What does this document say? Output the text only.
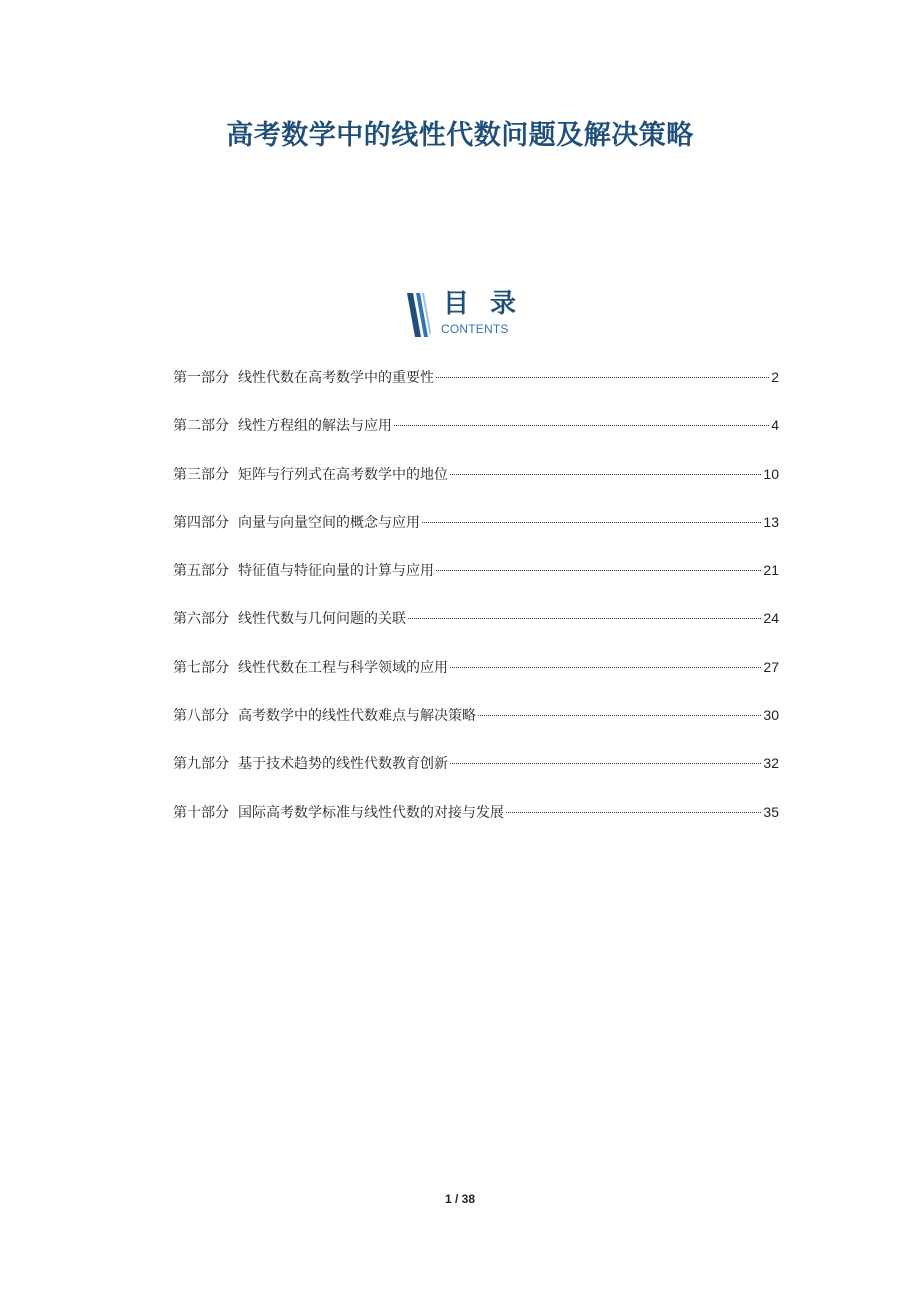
高考数学中的线性代数问题及解决策略
目 录
CONTENTS
第一部分 线性代数在高考数学中的重要性	2
第二部分 线性方程组的解法与应用	4
第三部分 矩阵与行列式在高考数学中的地位	10
第四部分 向量与向量空间的概念与应用	13
第五部分 特征值与特征向量的计算与应用	21
第六部分 线性代数与几何问题的关联	24
第七部分 线性代数在工程与科学领域的应用	27
第八部分 高考数学中的线性代数难点与解决策略	30
第九部分 基于技术趋势的线性代数教育创新	32
第十部分 国际高考数学标准与线性代数的对接与发展	35
1 / 38
